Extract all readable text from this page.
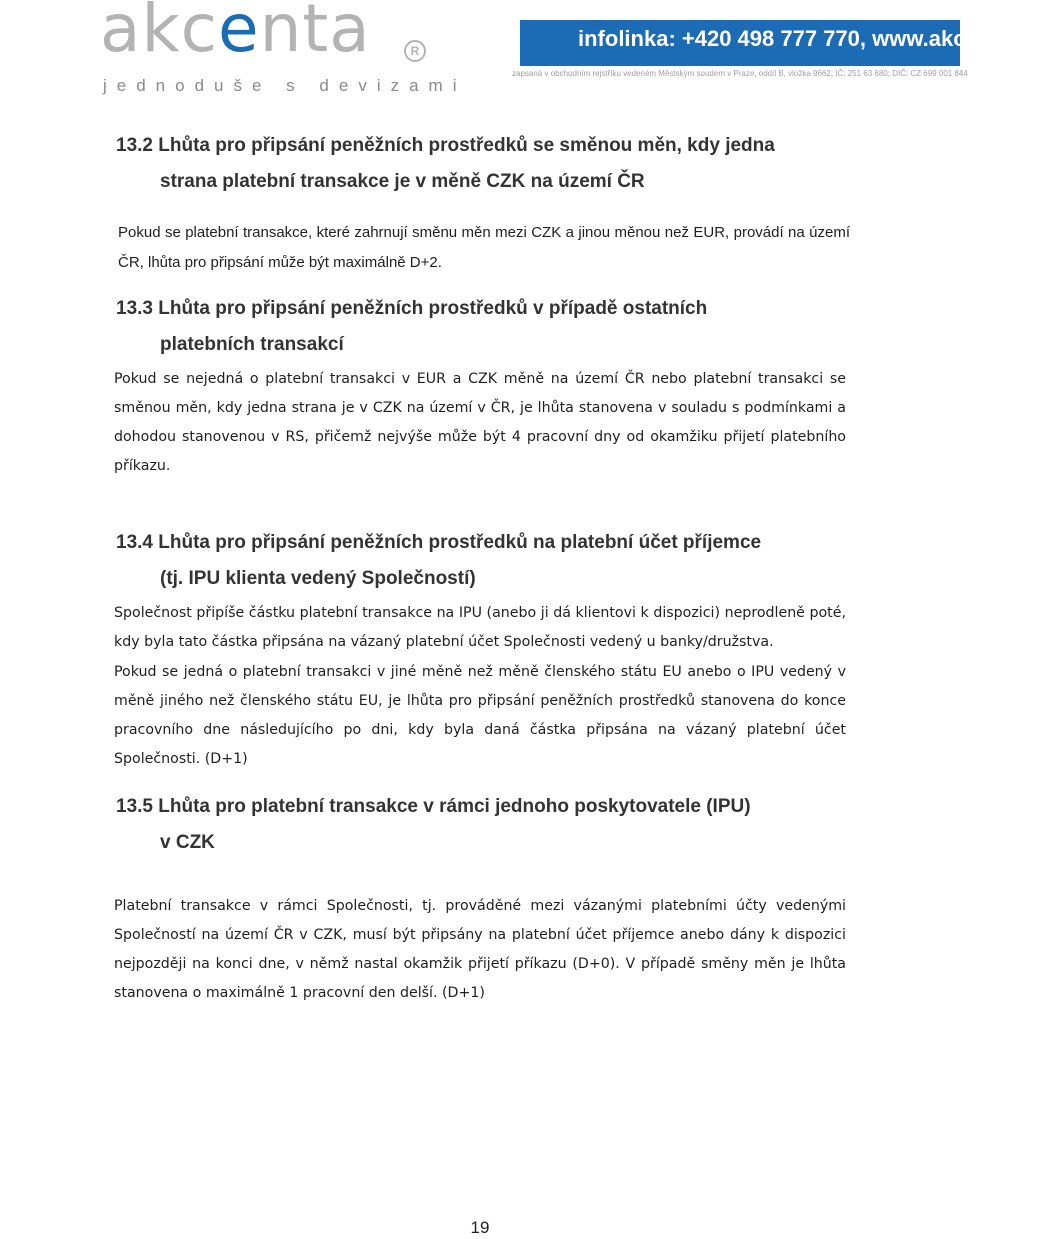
akcenta	R
jednoduše s devizami
infolinka: +420 498 777 770, www.akcenta.eu
zapsaná v obchodním rejstříku vedeném Městským soudem v Praze, oddíl B, vložka 9662; IČ: 251 63 680; DIČ: CZ 699 001 844
13.2 Lhůta pro připsání peněžních prostředků se směnou měn, kdy jedna
strana platební transakce je v měně CZK na území ČR

Pokud se platební transakce, které zahrnují směnu měn mezi CZK a jinou měnou než EUR, provádí na území ČR, lhůta pro připsání může být maximálně D+2.

13.3 Lhůta pro připsání peněžních prostředků v případě ostatních
platebních transakcí

Pokud se nejedná o platební transakci v EUR a CZK měně na území ČR nebo platební transakci se směnou měn, kdy jedna strana je v CZK na území v ČR, je lhůta stanovena v souladu s podmínkami a dohodou stanovenou v RS, přičemž nejvýše může být 4 pracovní dny od okamžiku přijetí platebního příkazu.

13.4 Lhůta pro připsání peněžních prostředků na platební účet příjemce
(tj. IPU klienta vedený Společností)

Společnost připíše částku platební transakce na IPU (anebo ji dá klientovi k dispozici) neprodleně poté, kdy byla tato částka připsána na vázaný platební účet Společnosti vedený u banky/družstva.

Pokud se jedná o platební transakci v jiné měně než měně členského státu EU anebo o IPU vedený v měně jiného než členského státu EU, je lhůta pro připsání peněžních prostředků stanovena do konce pracovního dne následujícího po dni, kdy byla daná částka připsána na vázaný platební účet Společnosti. (D+1)

13.5 Lhůta pro platební transakce v rámci jednoho poskytovatele (IPU)
v CZK

Platební transakce v rámci Společnosti, tj. prováděné mezi vázanými platebními účty vedenými Společností na území ČR v CZK, musí být připsány na platební účet příjemce anebo dány k dispozici nejpozději na konci dne, v němž nastal okamžik přijetí příkazu (D+0). V případě směny měn je lhůta stanovena o maximálně 1 pracovní den delší. (D+1)

19
